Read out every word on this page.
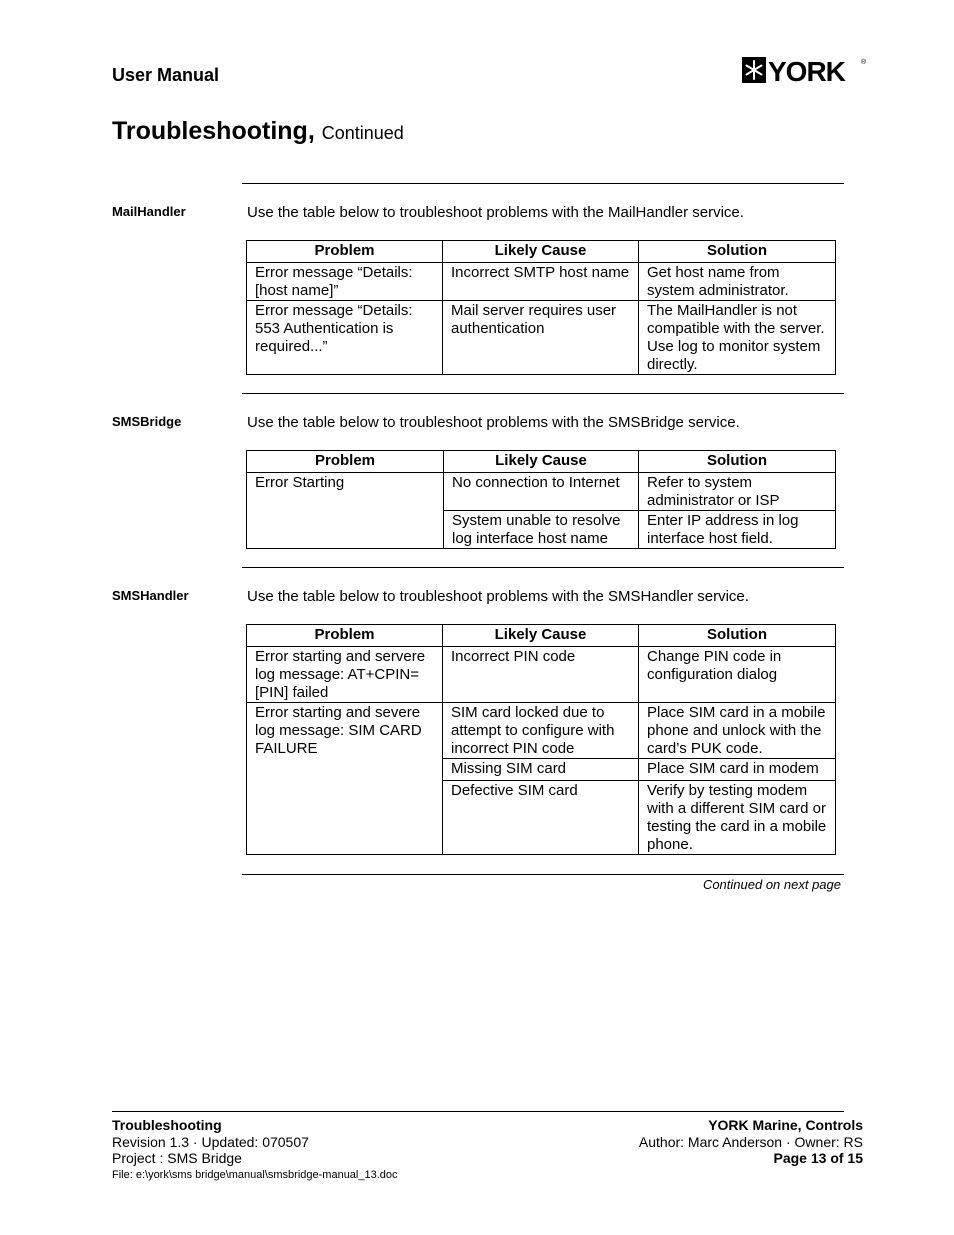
User Manual	YORK ®
Troubleshooting, Continued
MailHandler	Use the table below to troubleshoot problems with the MailHandler service.
Problem	Likely Cause	Solution
Error message “Details: [host name]”	Incorrect SMTP host name	Get host name from system administrator.
Error message “Details: 553 Authentication is required...”	Mail server requires user authentication	The MailHandler is not compatible with the server. Use log to monitor system directly.
SMSBridge	Use the table below to troubleshoot problems with the SMSBridge service.
Problem	Likely Cause	Solution
Error Starting	No connection to Internet	Refer to system administrator or ISP
	System unable to resolve log interface host name	Enter IP address in log interface host field.
SMSHandler	Use the table below to troubleshoot problems with the SMSHandler service.
Problem	Likely Cause	Solution
Error starting and servere log message: AT+CPIN=[PIN] failed	Incorrect PIN code	Change PIN code in configuration dialog
Error starting and severe log message: SIM CARD FAILURE	SIM card locked due to attempt to configure with incorrect PIN code	Place SIM card in a mobile phone and unlock with the card’s PUK code.
	Missing SIM card	Place SIM card in modem
	Defective SIM card	Verify by testing modem with a different SIM card or testing the card in a mobile phone.
Continued on next page
Troubleshooting
Revision 1.3 · Updated: 070507
Project : SMS Bridge
File: e:\york\sms bridge\manual\smsbridge-manual_13.doc
YORK Marine, Controls
Author: Marc Anderson · Owner: RS
Page 13 of 15
